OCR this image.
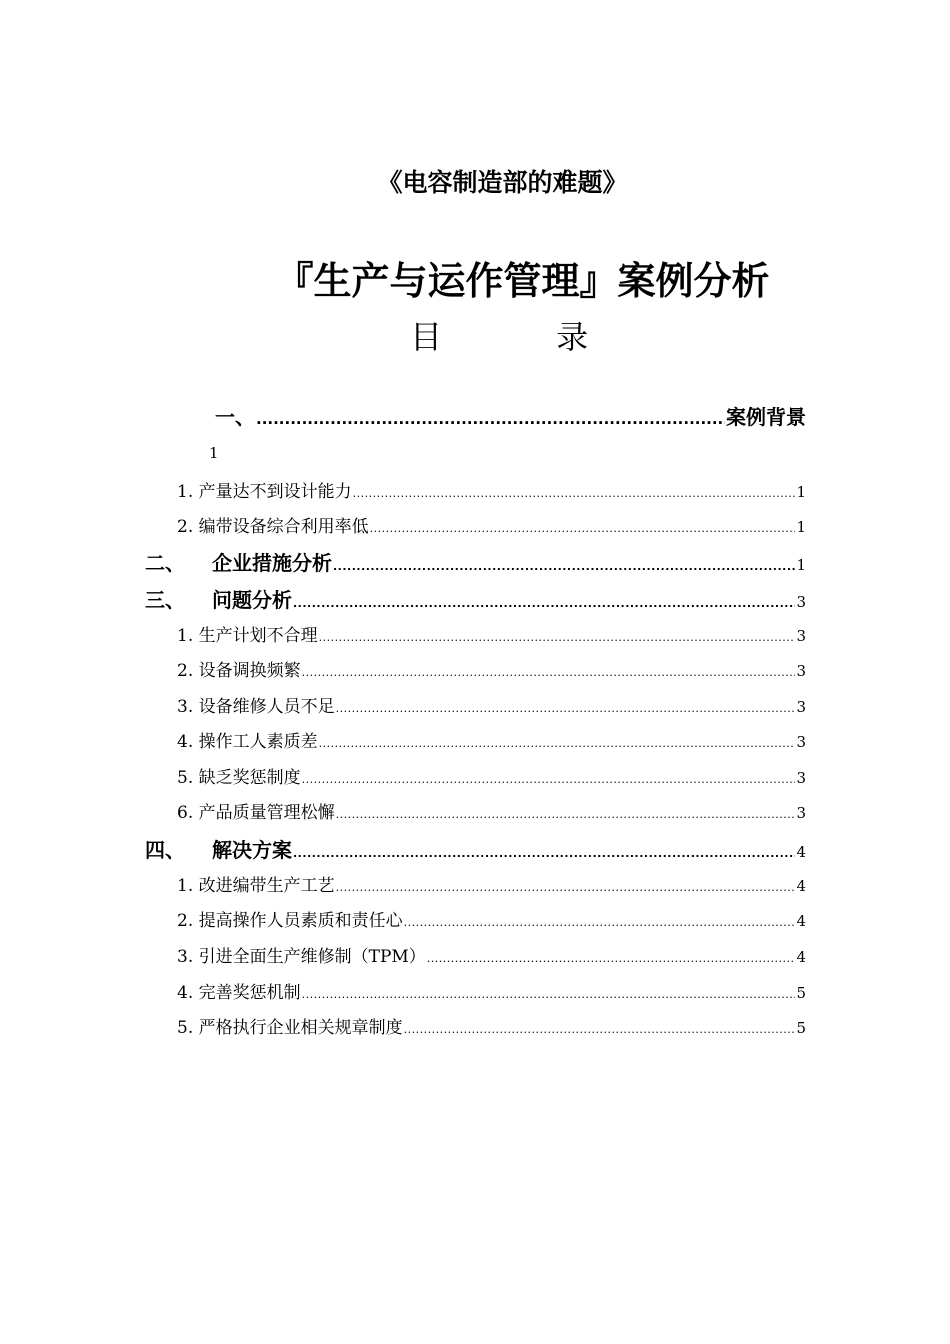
《电容制造部的难题》
『生产与运作管理』案例分析
目 录
一、 .....	案例背景
1
1. 产量达不到设计能力 .....	1
2. 编带设备综合利用率低 .....	1
二、	企业措施分析 .....	1
三、	问题分析 .....	3
1. 生产计划不合理 .....	3
2. 设备调换频繁 .....	3
3. 设备维修人员不足 .....	3
4. 操作工人素质差 .....	3
5. 缺乏奖惩制度 .....	3
6. 产品质量管理松懈 .....	3
四、	解决方案 .....	4
1. 改进编带生产工艺 .....	4
2. 提高操作人员素质和责任心 .....	4
3. 引进全面生产维修制（TPM） .....	4
4. 完善奖惩机制 .....	5
5. 严格执行企业相关规章制度 .....	5
